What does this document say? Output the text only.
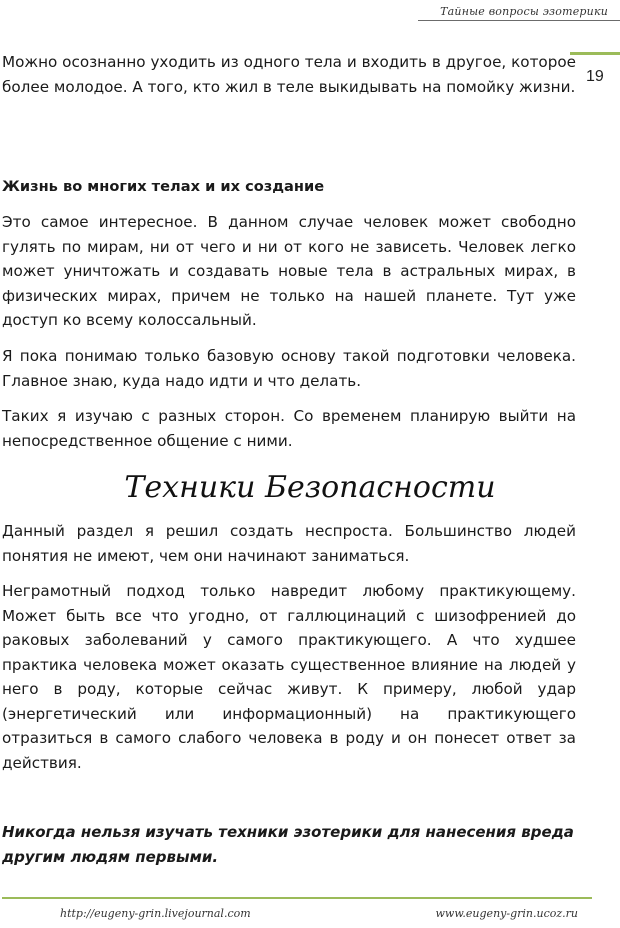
Тайные вопросы эзотерики
19

Можно осознанно уходить из одного тела и входить в другое, которое более молодое. А того, кто жил в теле выкидывать на помойку жизни.

Жизнь во многих телах и их создание

Это самое интересное. В данном случае человек может свободно гулять по мирам, ни от чего и ни от кого не зависеть. Человек легко может уничтожать и создавать новые тела в астральных мирах, в физических мирах, причем не только на нашей планете. Тут уже доступ ко всему колоссальный.

Я пока понимаю только базовую основу такой подготовки человека. Главное знаю, куда надо идти и что делать.

Таких я изучаю с разных сторон. Со временем планирую выйти на непосредственное общение с ними.

Техники Безопасности

Данный раздел я решил создать неспроста. Большинство людей понятия не имеют, чем они начинают заниматься.

Неграмотный подход только навредит любому практикующему. Может быть все что угодно, от галлюцинаций с шизофренией до раковых заболеваний у самого практикующего. А что худшее практика человека может оказать существенное влияние на людей у него в роду, которые сейчас живут. К примеру, любой удар (энергетический или информационный) на практикующего отразиться в самого слабого человека в роду и он понесет ответ за действия.

Никогда нельзя изучать техники эзотерики для нанесения вреда другим людям первыми.

http://eugeny-grin.livejournal.com	www.eugeny-grin.ucoz.ru
